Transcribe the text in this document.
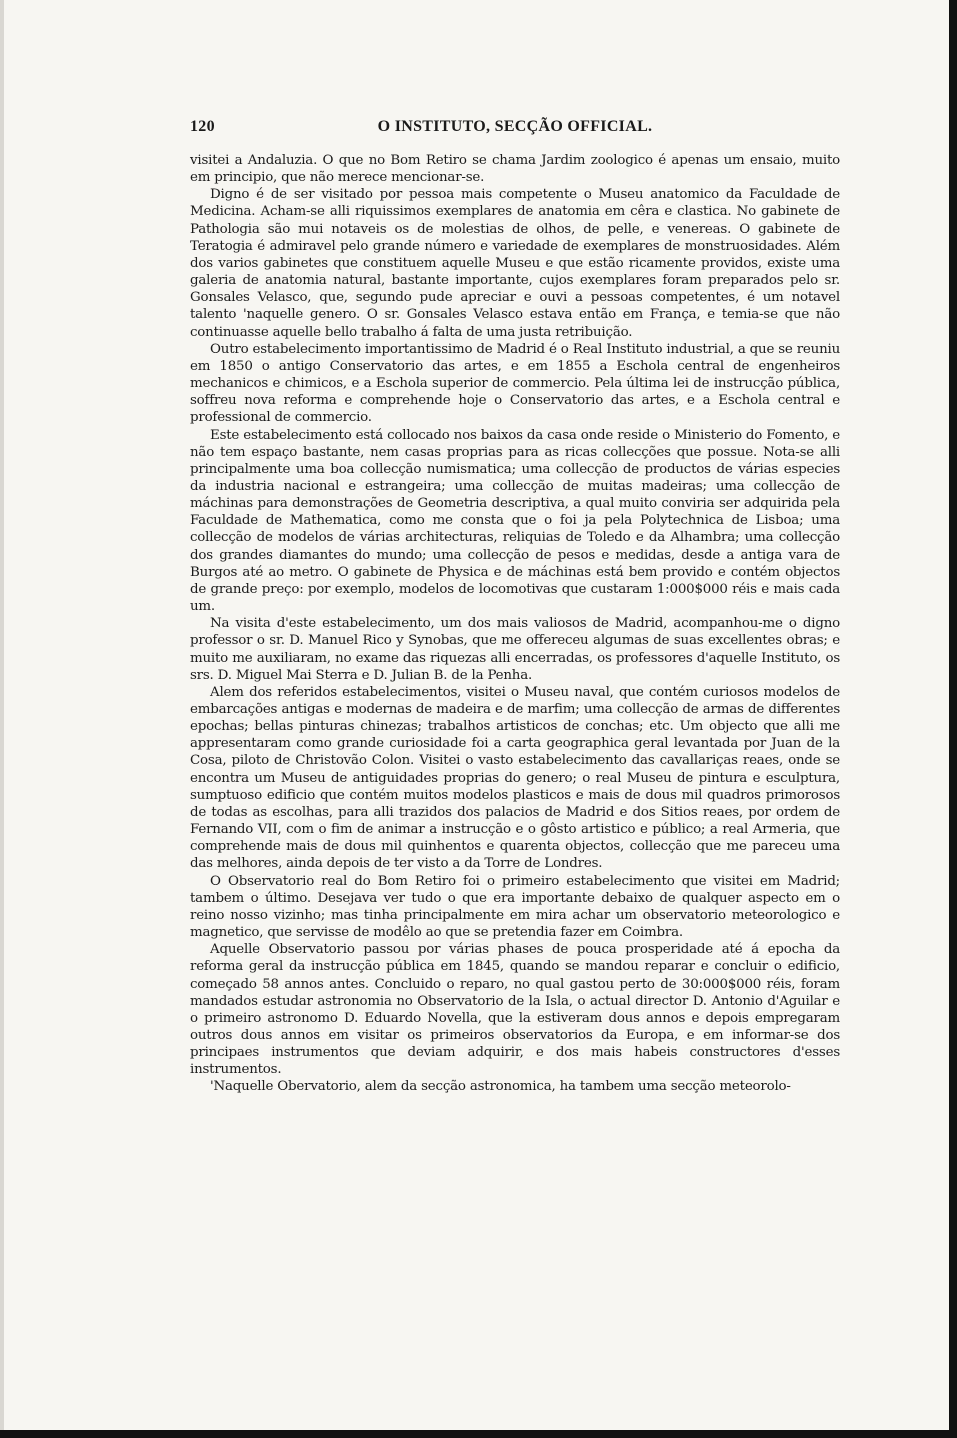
120	O INSTITUTO, SECÇÃO OFFICIAL.

visitei a Andaluzia. O que no Bom Retiro se chama Jardim zoologico é apenas um ensaio, muito em principio, que não merece mencionar-se.

Digno é de ser visitado por pessoa mais competente o Museu anatomico da Faculdade de Medicina. Acham-se alli riquissimos exemplares de anatomia em cêra e clastica. No gabinete de Pathologia são mui notaveis os de molestias de olhos, de pelle, e venereas. O gabinete de Teratogia é admiravel pelo grande número e variedade de exemplares de monstruosidades. Além dos varios gabinetes que constituem aquelle Museu e que estão ricamente providos, existe uma galeria de anatomia natural, bastante importante, cujos exemplares foram preparados pelo sr. Gonsales Velasco, que, segundo pude apreciar e ouvi a pessoas competentes, é um notavel talento 'naquelle genero. O sr. Gonsales Velasco estava então em França, e temia-se que não continuasse aquelle bello trabalho á falta de uma justa retribuição.

Outro estabelecimento importantissimo de Madrid é o Real Instituto industrial, a que se reuniu em 1850 o antigo Conservatorio das artes, e em 1855 a Eschola central de engenheiros mechanicos e chimicos, e a Eschola superior de commercio. Pela última lei de instrucção pública, soffreu nova reforma e comprehende hoje o Conservatorio das artes, e a Eschola central e professional de commercio.

Este estabelecimento está collocado nos baixos da casa onde reside o Ministerio do Fomento, e não tem espaço bastante, nem casas proprias para as ricas collecções que possue. Nota-se alli principalmente uma boa collecção numismatica; uma collecção de productos de várias especies da industria nacional e estrangeira; uma collecção de muitas madeiras; uma collecção de máchinas para demonstrações de Geometria descriptiva, a qual muito conviria ser adquirida pela Faculdade de Mathematica, como me consta que o foi ja pela Polytechnica de Lisboa; uma collecção de modelos de várias architecturas, reliquias de Toledo e da Alhambra; uma collecção dos grandes diamantes do mundo; uma collecção de pesos e medidas, desde a antiga vara de Burgos até ao metro. O gabinete de Physica e de máchinas está bem provido e contém objectos de grande preço: por exemplo, modelos de locomotivas que custaram 1:000$000 réis e mais cada um.

Na visita d'este estabelecimento, um dos mais valiosos de Madrid, acompanhou-me o digno professor o sr. D. Manuel Rico y Synobas, que me offereceu algumas de suas excellentes obras; e muito me auxiliaram, no exame das riquezas alli encerradas, os professores d'aquelle Instituto, os srs. D. Miguel Mai Sterra e D. Julian B. de la Penha.

Alem dos referidos estabelecimentos, visitei o Museu naval, que contém curiosos modelos de embarcações antigas e modernas de madeira e de marfim; uma collecção de armas de differentes epochas; bellas pinturas chinezas; trabalhos artisticos de conchas; etc. Um objecto que alli me appresentaram como grande curiosidade foi a carta geographica geral levantada por Juan de la Cosa, piloto de Christovão Colon. Visitei o vasto estabelecimento das cavallariças reaes, onde se encontra um Museu de antiguidades proprias do genero; o real Museu de pintura e esculptura, sumptuoso edificio que contém muitos modelos plasticos e mais de dous mil quadros primorosos de todas as escolhas, para alli trazidos dos palacios de Madrid e dos Sitios reaes, por ordem de Fernando VII, com o fim de animar a instrucção e o gôsto artistico e público; a real Armeria, que comprehende mais de dous mil quinhentos e quarenta objectos, collecção que me pareceu uma das melhores, ainda depois de ter visto a da Torre de Londres.

O Observatorio real do Bom Retiro foi o primeiro estabelecimento que visitei em Madrid; tambem o último. Desejava ver tudo o que era importante debaixo de qualquer aspecto em o reino nosso vizinho; mas tinha principalmente em mira achar um observatorio meteorologico e magnetico, que servisse de modêlo ao que se pretendia fazer em Coimbra.

Aquelle Observatorio passou por várias phases de pouca prosperidade até á epocha da reforma geral da instrucção pública em 1845, quando se mandou reparar e concluir o edificio, começado 58 annos antes. Concluido o reparo, no qual gastou perto de 30:000$000 réis, foram mandados estudar astronomia no Observatorio de la Isla, o actual director D. Antonio d'Aguilar e o primeiro astronomo D. Eduardo Novella, que la estiveram dous annos e depois empregaram outros dous annos em visitar os primeiros observatorios da Europa, e em informar-se dos principaes instrumentos que deviam adquirir, e dos mais habeis constructores d'esses instrumentos.

'Naquelle Obervatorio, alem da secção astronomica, ha tambem uma secção meteorolo-
